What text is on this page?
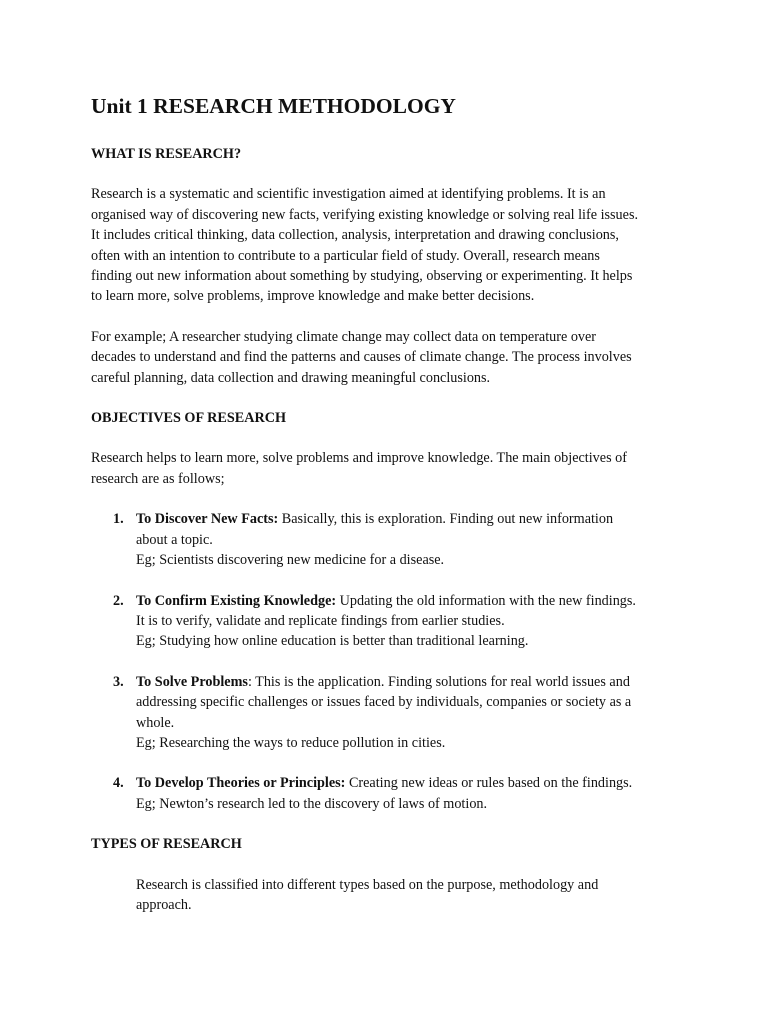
Unit 1 RESEARCH METHODOLOGY
WHAT IS RESEARCH?

Research is a systematic and scientific investigation aimed at identifying problems. It is an
organised way of discovering new facts, verifying existing knowledge or solving real life issues.
It includes critical thinking, data collection, analysis, interpretation and drawing conclusions,
often with an intention to contribute to a particular field of study. Overall, research means
finding out new information about something by studying, observing or experimenting. It helps
to learn more, solve problems, improve knowledge and make better decisions.

For example; A researcher studying climate change may collect data on temperature over
decades to understand and find the patterns and causes of climate change. The process involves
careful planning, data collection and drawing meaningful conclusions.

OBJECTIVES OF RESEARCH

Research helps to learn more, solve problems and improve knowledge. The main objectives of
research are as follows;

1. To Discover New Facts: Basically, this is exploration. Finding out new information
about a topic.
Eg; Scientists discovering new medicine for a disease.
2. To Confirm Existing Knowledge: Updating the old information with the new findings.
It is to verify, validate and replicate findings from earlier studies.
Eg; Studying how online education is better than traditional learning.
3. To Solve Problems: This is the application. Finding solutions for real world issues and
addressing specific challenges or issues faced by individuals, companies or society as a
whole.
Eg; Researching the ways to reduce pollution in cities.
4. To Develop Theories or Principles: Creating new ideas or rules based on the findings.
Eg; Newton’s research led to the discovery of laws of motion.
TYPES OF RESEARCH

Research is classified into different types based on the purpose, methodology and
approach.
